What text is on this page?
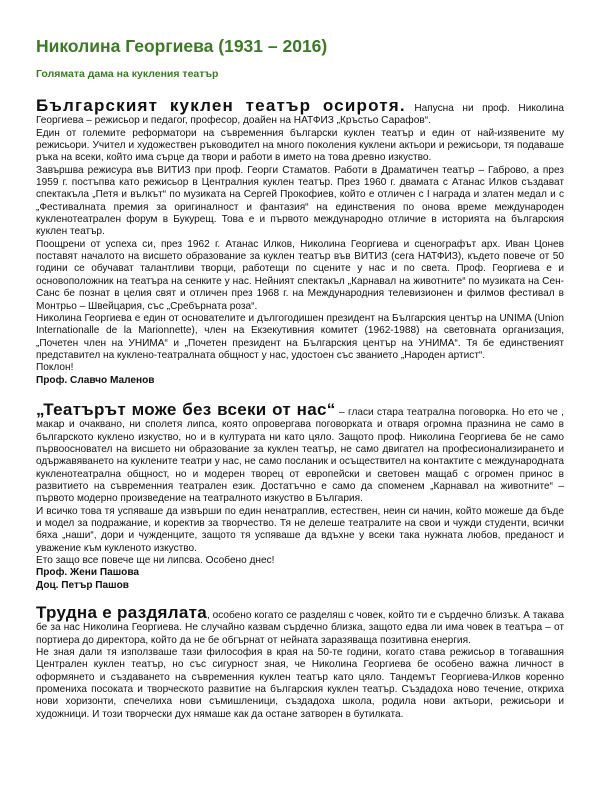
Николина Георгиева (1931 – 2016)
Голямата дама на кукления театър

Българският куклен театър осиротя. Напусна ни проф. Николина Георгиева – режисьор и педагог, професор, доайен на НАТФИЗ „Кръстьо Сарафов“.

Един от големите реформатори на съвременния български куклен театър и един от най-изявените му режисьори. Учител и художествен ръководител на много поколения куклени актьори и режисьори, тя подаваше ръка на всеки, който има сърце да твори и работи в името на това древно изкуство.

Завършва режисура във ВИТИЗ при проф. Георги Стаматов. Работи в Драматичен театър – Габрово, а през 1959 г. постъпва като режисьор в Централния куклен театър. През 1960 г. двамата с Атанас Илков създават спектакъла „Петя и вълкът“ по музиката на Сергей Прокофиев, който е отличен с I награда и златен медал и с „Фестивалната премия за оригиналност и фантазия“ на единствения по онова време международен кукленотеатрален форум в Букурещ. Това е и първото международно отличие в историята на българския куклен театър.

Поощрени от успеха си, през 1962 г. Атанас Илков, Николина Георгиева и сценографът арх. Иван Цонев поставят началото на висшето образование за куклен театър във ВИТИЗ (сега НАТФИЗ), където повече от 50 години се обучават талантливи творци, работещи по сцените у нас и по света. Проф. Георгиева е и основоположник на театъра на сенките у нас. Нейният спектакъл „Карнавал на животните“ по музиката на Сен-Санс бе познат в целия свят и отличен през 1968 г. на Международния телевизионен и филмов фестивал в Монтрьо – Швейцария, със „Сребърната роза“.

Николина Георгиева е един от основателите и дългогодишен президент на Българския център на UNIMA (Union Internationalle de la Marionnette), член на Екзекутивния комитет (1962-1988) на световната организация, „Почетен член на УНИМА“ и „Почетен президент на Българския център на УНИМА“. Тя бе единственият представител на куклено-театралната общност у нас, удостоен със званието „Народен артист“.

Поклон!

Проф. Славчо Маленов

„Театърът може без всеки от нас“ – гласи стара театрална поговорка. Но ето че , макар и очаквано, ни сполетя липса, която опровергава поговорката и отваря огромна празнина не само в българското куклено изкуство, но и в културата ни като цяло. Защото проф. Николина Георгиева бе не само първоосновател на висшето ни образование за куклен театър, не само двигател на професионализирането и одържавяването на куклените театри у нас, не само посланик и осъществител на контактите с международната кукленотеатрална общност, но и модерен творец от европейски и световен мащаб с огромен принос в развитието на съвременния театрален език. Достатъчно е само да споменем „Карнавал на животните“ – първото модерно произведение на театралното изкуство в България.

И всичко това тя успяваше да извърши по един ненатраплив, естествен, неин си начин, който можеше да бъде и модел за подражание, и коректив за творчество. Тя не делеше театралите на свои и чужди студенти, всички бяха „наши“, дори и чужденците, защото тя успяваше да вдъхне у всеки така нужната любов, преданост и уважение към кукленото изкуство.

Ето защо все повече ще ни липсва. Особено днес!

Проф. Жени Пашова

Доц. Петър Пашов

Трудна е раздялата, особено когато се разделяш с човек, който ти е сърдечно близък. А такава бе за нас Николина Георгиева. Не случайно казвам сърдечно близка, защото едва ли има човек в театъра – от портиера до директора, който да не бе обгърнат от нейната заразяваща позитивна енергия.

Не зная дали тя използваше тази философия в края на 50-те години, когато става режисьор в тогавашния Централен куклен театър, но със сигурност зная, че Николина Георгиева бе особено важна личност в оформянето и създаването на съвременния куклен театър като цяло. Тандемът Георгиева-Илков коренно промениха посоката и творческото развитие на българския куклен театър. Създадоха ново течение, откриха нови хоризонти, спечелиха нови съмишленици, създадоха школа, родила нови актьори, режисьори и художници. И този творчески дух нямаше как да остане затворен в бутилката.
